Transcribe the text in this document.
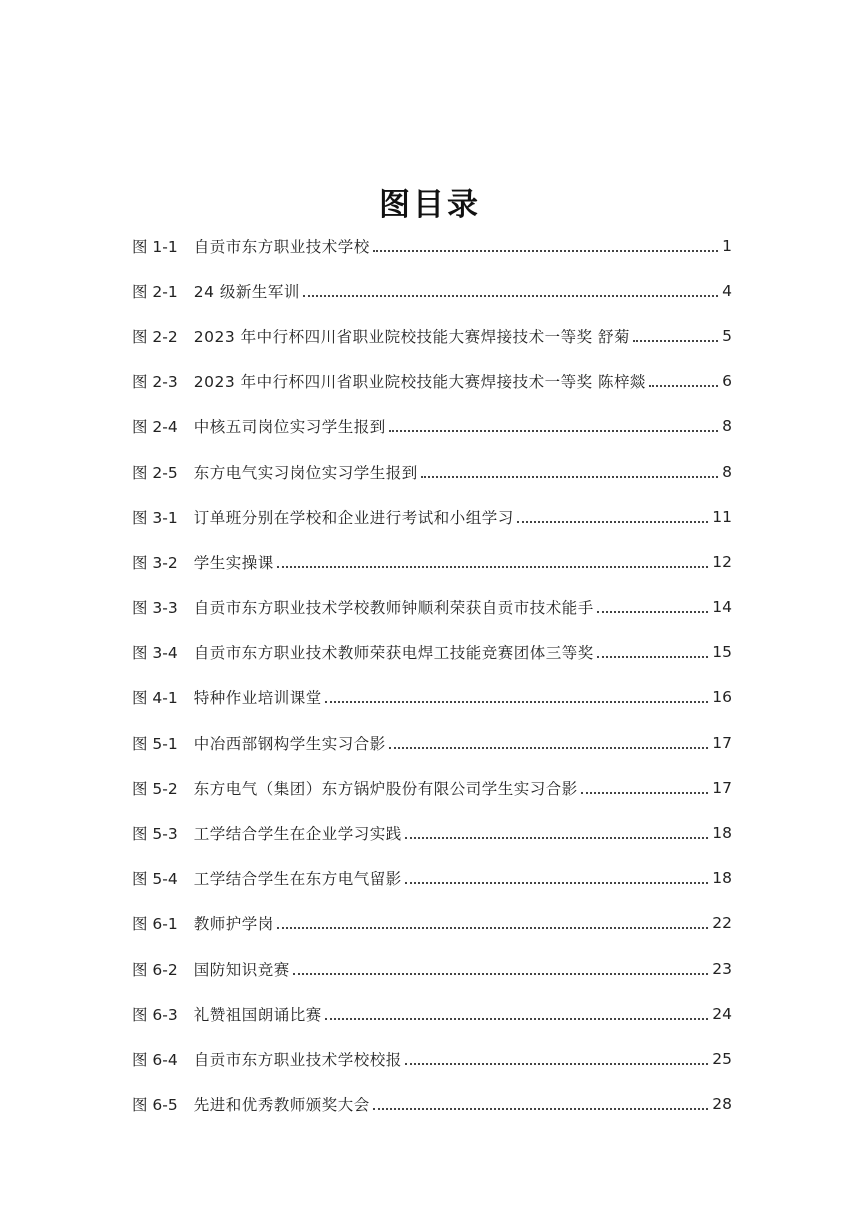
图目录
图 1-1 自贡市东方职业技术学校	1
图 2-1 24 级新生军训	4
图 2-2 2023 年中行杯四川省职业院校技能大赛焊接技术一等奖 舒菊	5
图 2-3 2023 年中行杯四川省职业院校技能大赛焊接技术一等奖 陈梓燚	6
图 2-4 中核五司岗位实习学生报到	8
图 2-5 东方电气实习岗位实习学生报到	8
图 3-1 订单班分别在学校和企业进行考试和小组学习	11
图 3-2 学生实操课	12
图 3-3 自贡市东方职业技术学校教师钟顺利荣获自贡市技术能手	14
图 3-4 自贡市东方职业技术教师荣获电焊工技能竞赛团体三等奖	15
图 4-1 特种作业培训课堂	16
图 5-1 中冶西部钢构学生实习合影	17
图 5-2 东方电气（集团）东方锅炉股份有限公司学生实习合影	17
图 5-3 工学结合学生在企业学习实践	18
图 5-4 工学结合学生在东方电气留影	18
图 6-1 教师护学岗	22
图 6-2 国防知识竞赛	23
图 6-3 礼赞祖国朗诵比赛	24
图 6-4 自贡市东方职业技术学校校报	25
图 6-5 先进和优秀教师颁奖大会	28
